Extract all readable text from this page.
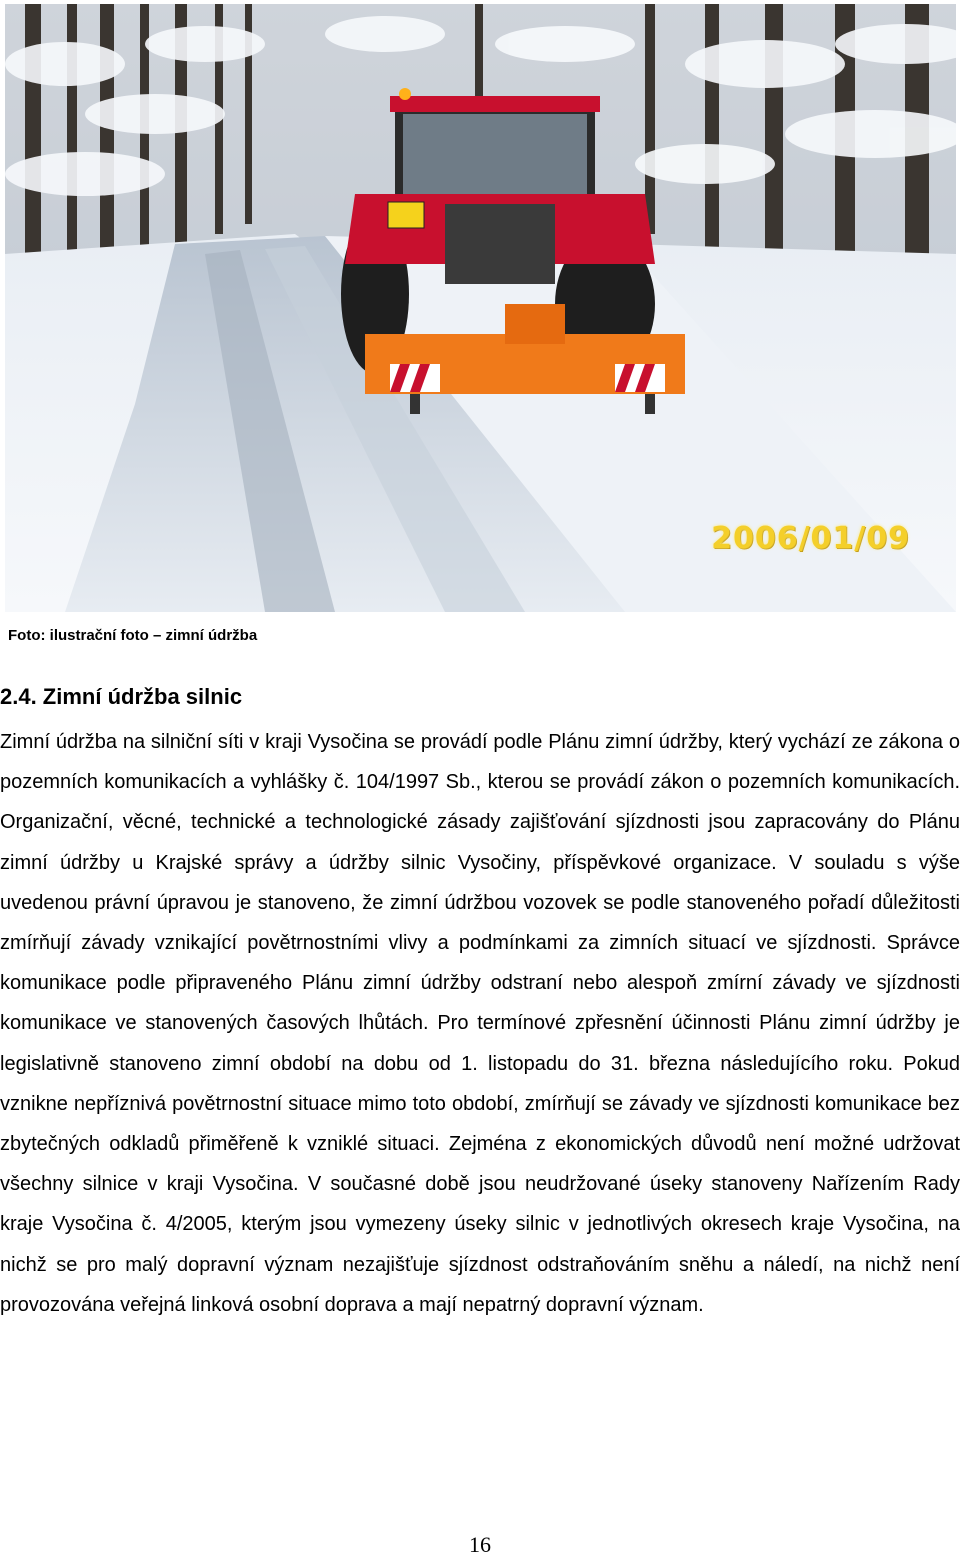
2006/01/09
Foto: ilustrační foto – zimní údržba
2.4. Zimní údržba silnic

Zimní údržba na silniční síti v kraji Vysočina se provádí podle Plánu zimní údržby, který vychází ze zákona o pozemních komunikacích a vyhlášky č. 104/1997 Sb., kterou se provádí zákon o pozemních komunikacích. Organizační, věcné, technické a technologické zásady zajišťování sjízdnosti jsou zapracovány do Plánu zimní údržby u Krajské správy a údržby silnic Vysočiny, příspěvkové organizace. V souladu s výše uvedenou právní úpravou je stanoveno, že zimní údržbou vozovek se podle stanoveného pořadí důležitosti zmírňují závady vznikající povětrnostními vlivy a podmínkami za zimních situací ve sjízdnosti. Správce komunikace podle připraveného Plánu zimní údržby odstraní nebo alespoň zmírní závady ve sjízdnosti komunikace ve stanovených časových lhůtách. Pro termínové zpřesnění účinnosti Plánu zimní údržby je legislativně stanoveno zimní období na dobu od 1. listopadu do 31. března následujícího roku. Pokud vznikne nepříznivá povětrnostní situace mimo toto období, zmírňují se závady ve sjízdnosti komunikace bez zbytečných odkladů přiměřeně k vzniklé situaci. Zejména z ekonomických důvodů není možné udržovat všechny silnice v kraji Vysočina. V současné době jsou neudržované úseky stanoveny Nařízením Rady kraje Vysočina č. 4/2005, kterým jsou vymezeny úseky silnic v jednotlivých okresech kraje Vysočina, na nichž se pro malý dopravní význam nezajišťuje sjízdnost odstraňováním sněhu a náledí, na nichž není provozována veřejná linková osobní doprava a mají nepatrný dopravní význam.

16
